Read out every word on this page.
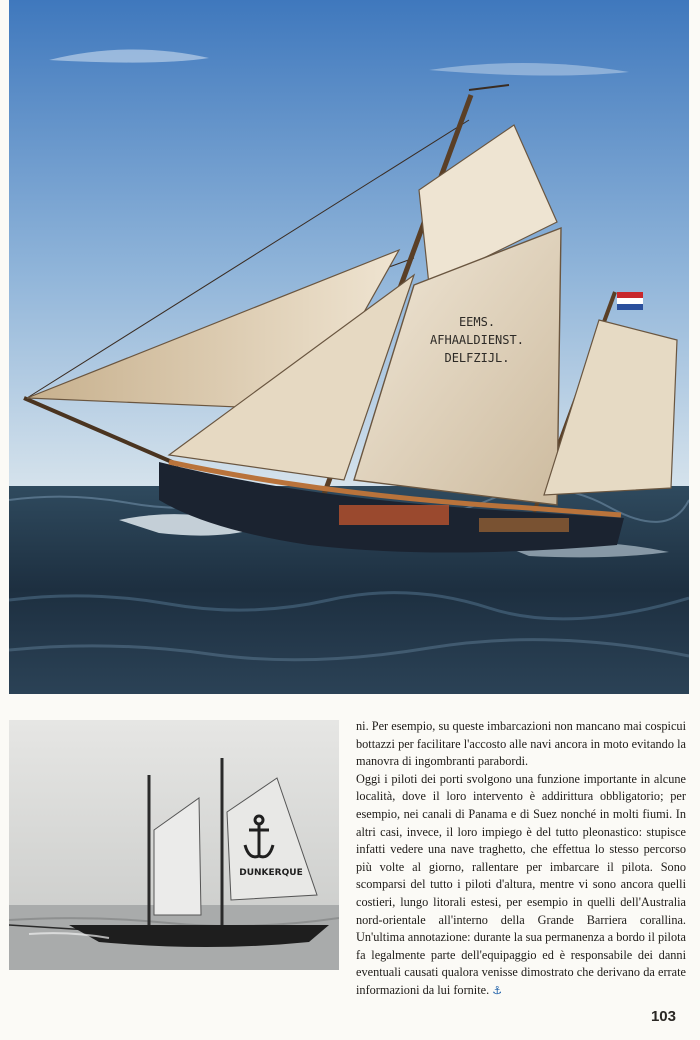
EEMS.
AFHAALDIENST.
DELFZIJL.
DUNKERQUE

ni. Per esempio, su queste imbarcazioni non mancano mai cospicui bottazzi per facilitare l'accosto alle navi ancora in moto evitando la manovra di ingombranti parabordi.

Oggi i piloti dei porti svolgono una funzione importante in alcune località, dove il loro intervento è addirittura obbligatorio; per esempio, nei canali di Panama e di Suez nonché in molti fiumi. In altri casi, invece, il loro impiego è del tutto pleonastico: stupisce infatti vedere una nave traghetto, che effettua lo stesso percorso più volte al giorno, rallentare per imbarcare il pilota. Sono scomparsi del tutto i piloti d'altura, mentre vi sono ancora quelli costieri, lungo litorali estesi, per esempio in quelli dell'Australia nord-orientale all'interno della Grande Barriera corallina. Un'ultima annotazione: durante la sua permanenza a bordo il pilota fa legalmente parte dell'equipaggio ed è responsabile dei danni eventuali causati qualora venisse dimostrato che derivano da errate informazioni da lui fornite. ⚓

103
